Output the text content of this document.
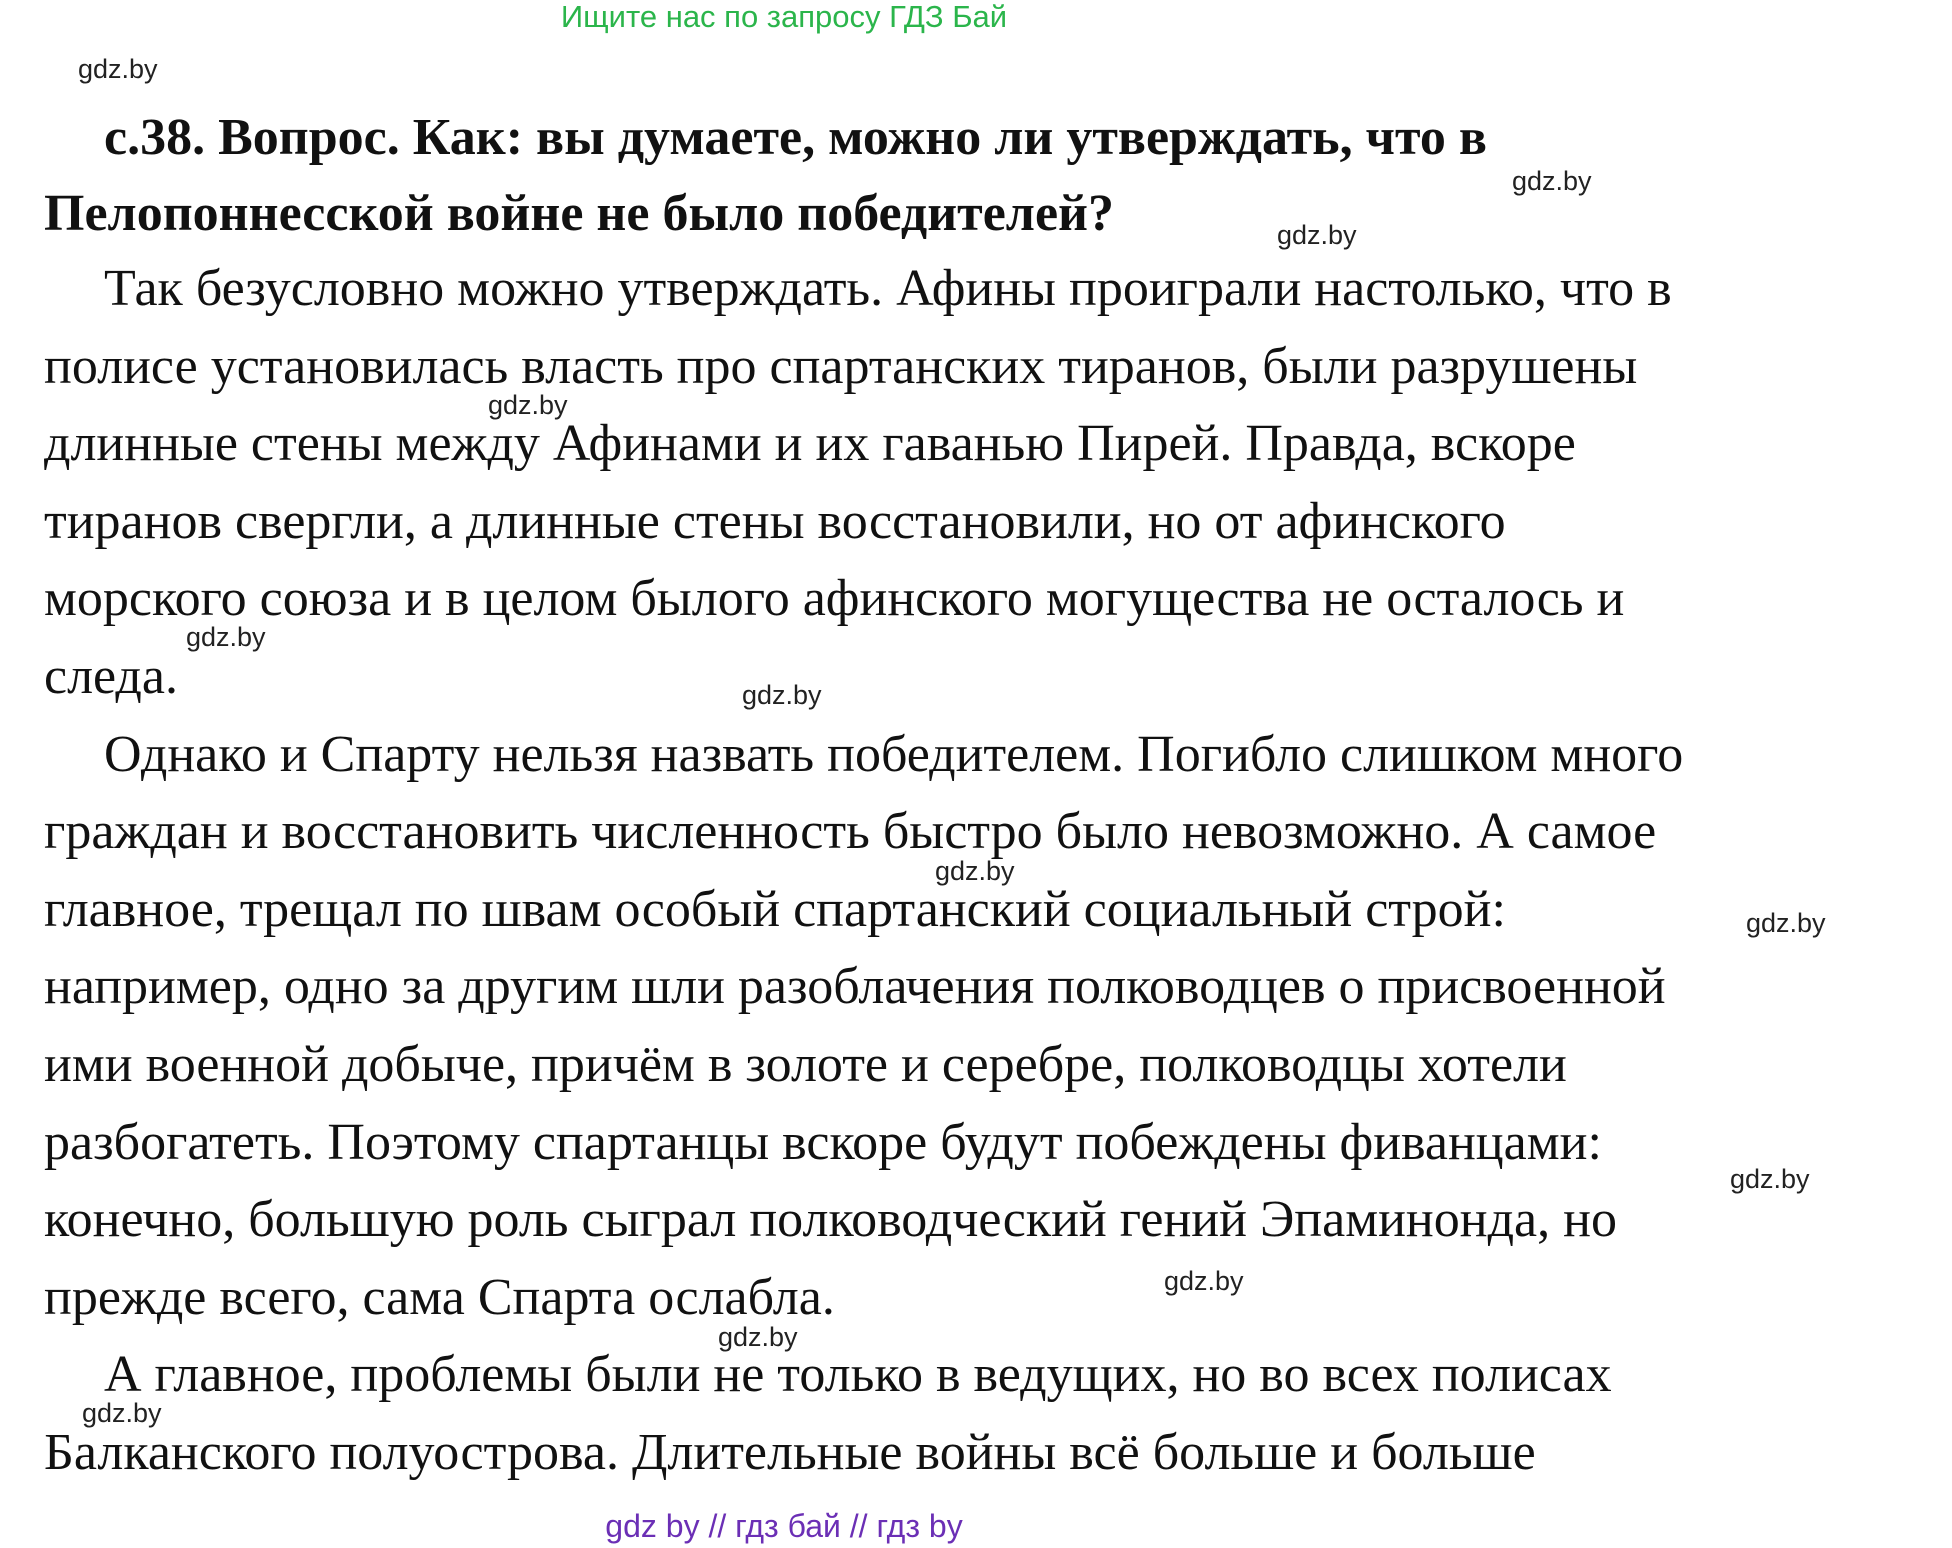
Ищите нас по запросу ГДЗ Бай
с.38. Вопрос. Как: вы думаете, можно ли утверждать, что в
Пелопоннесской войне не было победителей?
Так безусловно можно утверждать. Афины проиграли настолько, что в
полисе установилась власть про спартанских тиранов, были разрушены
длинные стены между Афинами и их гаванью Пирей. Правда, вскоре
тиранов свергли, а длинные стены восстановили, но от афинского
морского союза и в целом былого афинского могущества не осталось и
следа.
Однако и Спарту нельзя назвать победителем. Погибло слишком много
граждан и восстановить численность быстро было невозможно. А самое
главное, трещал по швам особый спартанский социальный строй:
например, одно за другим шли разоблачения полководцев о присвоенной
ими военной добыче, причём в золоте и серебре, полководцы хотели
разбогатеть. Поэтому спартанцы вскоре будут побеждены фиванцами:
конечно, большую роль сыграл полководческий гений Эпаминонда, но
прежде всего, сама Спарта ослабла.
А главное, проблемы были не только в ведущих, но во всех полисах
Балканского полуострова. Длительные войны всё больше и больше
gdz.by
gdz.by
gdz.by
gdz.by
gdz.by
gdz.by
gdz.by
gdz.by
gdz.by
gdz.by
gdz.by
gdz.by
gdz by // гдз бай // гдз by
